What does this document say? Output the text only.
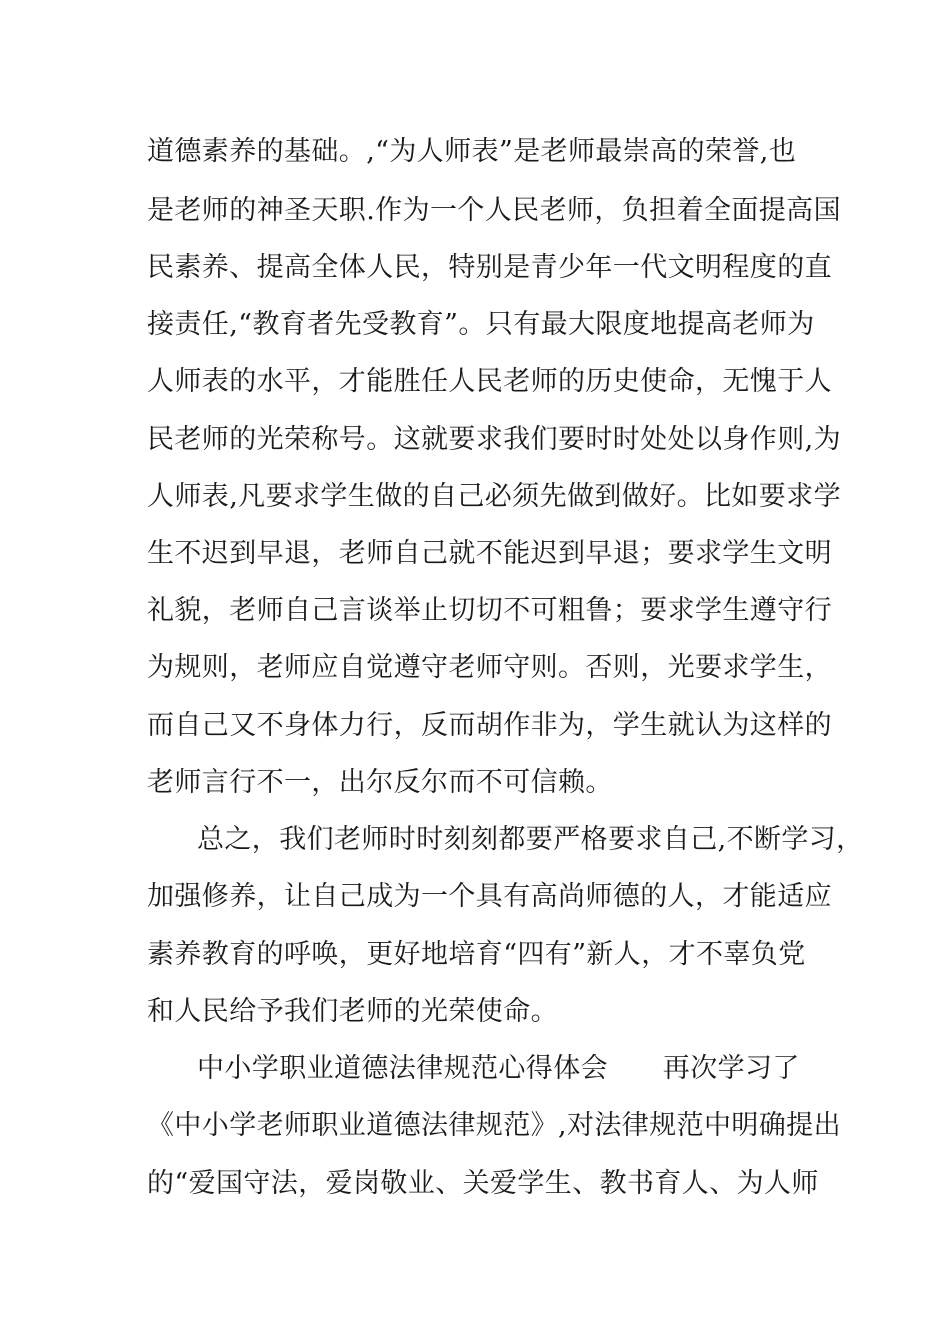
道德素养的基础。,“为人师表”是老师最崇高的荣誉,也
是老师的神圣天职.作为一个人民老师，负担着全面提高国
民素养、提高全体人民，特别是青少年一代文明程度的直
接责任,“教育者先受教育”。只有最大限度地提高老师为
人师表的水平，才能胜任人民老师的历史使命，无愧于人
民老师的光荣称号。这就要求我们要时时处处以身作则,为
人师表,凡要求学生做的自己必须先做到做好。比如要求学
生不迟到早退，老师自己就不能迟到早退；要求学生文明
礼貌，老师自己言谈举止切切不可粗鲁；要求学生遵守行
为规则，老师应自觉遵守老师守则。否则，光要求学生，
而自己又不身体力行，反而胡作非为，学生就认为这样的
老师言行不一，出尔反尔而不可信赖。
总之，我们老师时时刻刻都要严格要求自己,不断学习，
加强修养，让自己成为一个具有高尚师德的人，才能适应
素养教育的呼唤，更好地培育“四有”新人，才不辜负党
和人民给予我们老师的光荣使命。
中小学职业道德法律规范心得体会　　再次学习了
《中小学老师职业道德法律规范》,对法律规范中明确提出
的“爱国守法，爱岗敬业、关爱学生、教书育人、为人师
